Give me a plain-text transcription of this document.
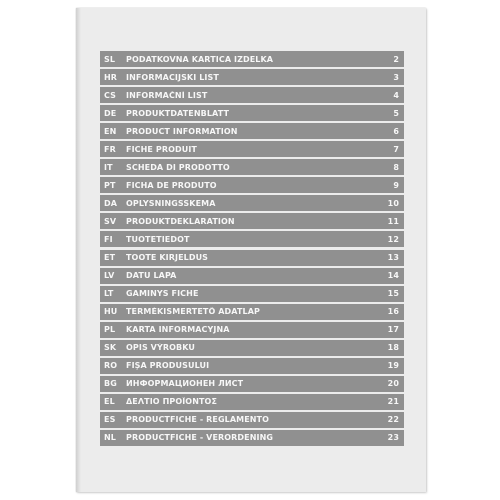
SL	PODATKOVNA KARTICA IZDELKA	2
HR	INFORMACIJSKI LIST	3
CS	INFORMAČNÍ LIST	4
DE	PRODUKTDATENBLATT	5
EN	PRODUCT INFORMATION	6
FR	FICHE PRODUIT	7
IT	SCHEDA DI PRODOTTO	8
PT	FICHA DE PRODUTO	9
DA	OPLYSNINGSSKEMA	10
SV	PRODUKTDEKLARATION	11
FI	TUOTETIEDOT	12
ET	TOOTE KIRJELDUS	13
LV	DATU LAPA	14
LT	GAMINYS FICHE	15
HU	TERMÉKISMERTETŐ ADATLAP	16
PL	KARTA INFORMACYJNA	17
SK	OPIS VÝROBKU	18
RO	FIȘA PRODUSULUI	19
BG	ИНФОРМАЦИОНЕН ЛИСТ	20
EL	ΔΕΛΤΙΟ ΠΡΟΪΟΝΤΟΣ	21
ES	PRODUCTFICHE - REGLAMENTO	22
NL	PRODUCTFICHE - VERORDENING	23
